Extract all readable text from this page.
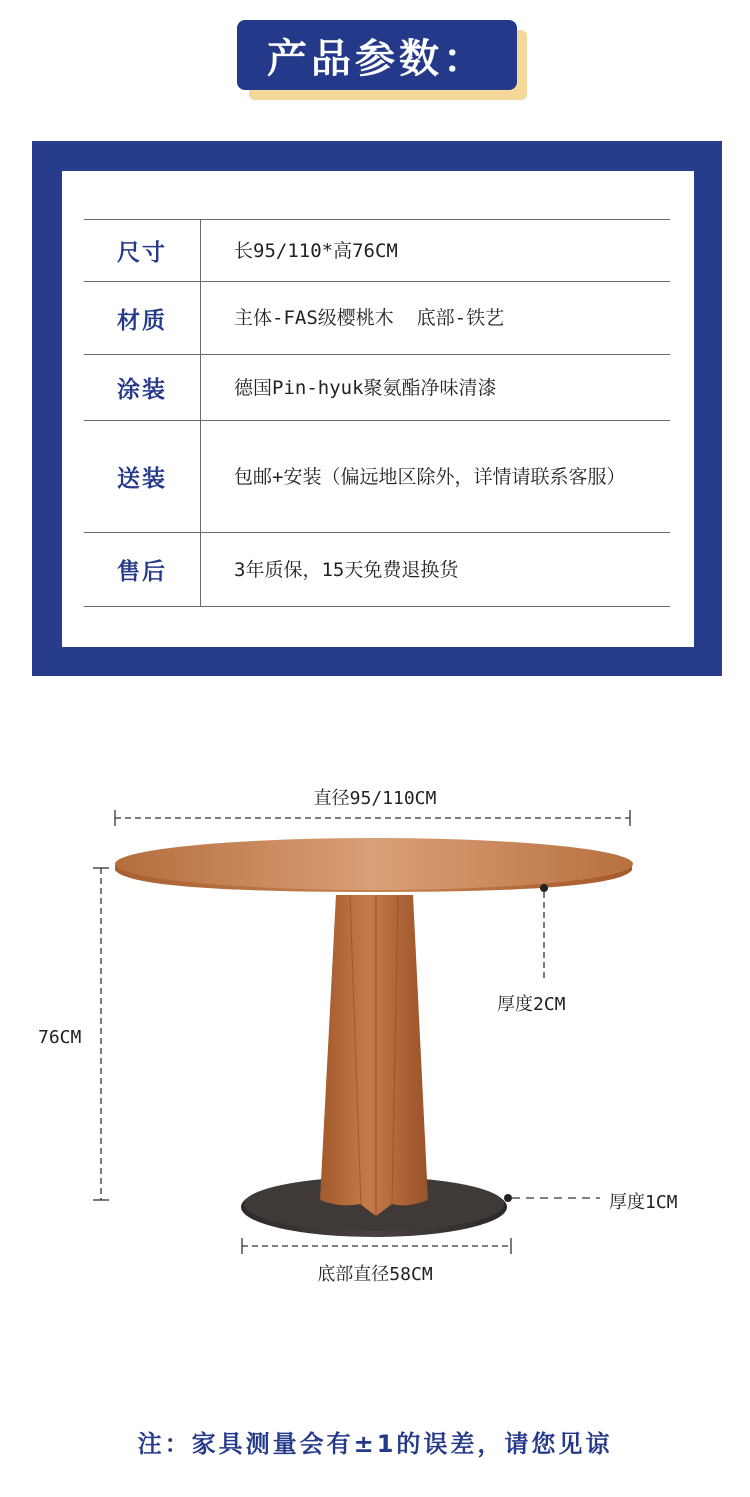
产品参数：
尺寸	长95/110*高76CM
材质	主体-FAS级樱桃木  底部-铁艺
涂装	德国Pin-hyuk聚氨酯净味清漆
送装	包邮+安装（偏远地区除外，详情请联系客服）
售后	3年质保，15天免费退换货
直径95/110CM
76CM
厚度2CM
厚度1CM
底部直径58CM
注：家具测量会有±1的误差，请您见谅
